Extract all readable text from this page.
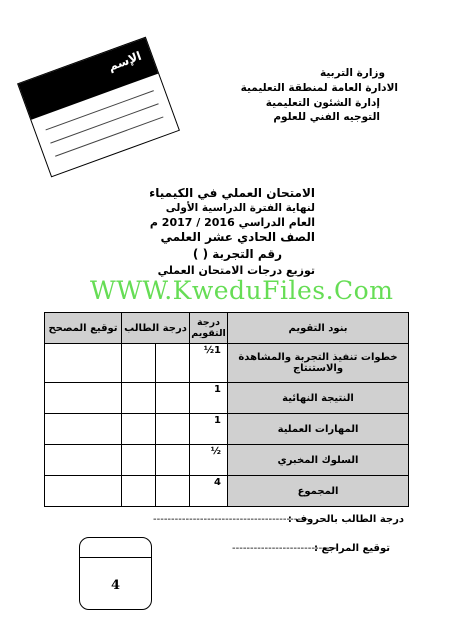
وزارة التربية
الادارة العامة لمنطقة التعليمية
إدارة الشئون التعليمية
التوجيه الفني للعلوم
الإسم
الامتحان العملي في الكيمياء
لنهاية الفترة الدراسية الأولى
العام الدراسي 2016 / 2017 م
الصف الحادي عشر العلمي
رقم التجربة ( )
توزيع درجات الامتحان العملي
WWW.KweduFiles.Com
بنود التقويم	درجة التقويم	درجة الطالب		توقيع المصحح
خطوات تنفيذ التجربة والمشاهدة والاستنتاج	1½			
النتيجة النهائية	1			
المهارات العملية	1			
السلوك المخبري	½			
المجموع	4			
درجة الطالب بالحروف :
-------------------------------------------
توقيع المراجع :
-----------------------------
4
